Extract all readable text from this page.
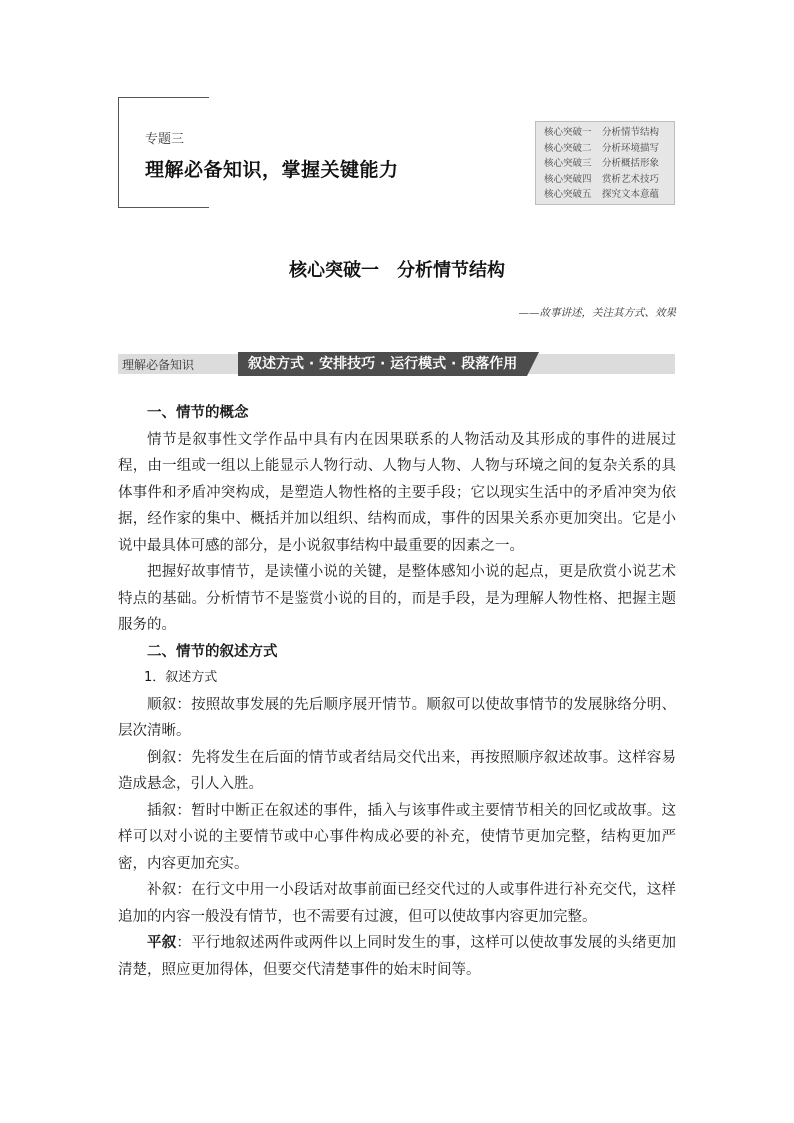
专题三
理解必备知识，掌握关键能力
核心突破一 分析情节结构
核心突破二 分析环境描写
核心突破三 分析概括形象
核心突破四 赏析艺术技巧
核心突破五 探究文本意蕴
核心突破一 分析情节结构
——故事讲述，关注其方式、效果
理解必备知识	叙述方式 · 安排技巧 · 运行模式 · 段落作用

一、情节的概念

情节是叙事性文学作品中具有内在因果联系的人物活动及其形成的事件的进展过程，由一组或一组以上能显示人物行动、人物与人物、人物与环境之间的复杂关系的具体事件和矛盾冲突构成，是塑造人物性格的主要手段；它以现实生活中的矛盾冲突为依据，经作家的集中、概括并加以组织、结构而成，事件的因果关系亦更加突出。它是小说中最具体可感的部分，是小说叙事结构中最重要的因素之一。

把握好故事情节，是读懂小说的关键，是整体感知小说的起点，更是欣赏小说艺术特点的基础。分析情节不是鉴赏小说的目的，而是手段，是为理解人物性格、把握主题服务的。

二、情节的叙述方式

1．叙述方式

顺叙：按照故事发展的先后顺序展开情节。顺叙可以使故事情节的发展脉络分明、层次清晰。

倒叙：先将发生在后面的情节或者结局交代出来，再按照顺序叙述故事。这样容易造成悬念，引人入胜。

插叙：暂时中断正在叙述的事件，插入与该事件或主要情节相关的回忆或故事。这样可以对小说的主要情节或中心事件构成必要的补充，使情节更加完整，结构更加严密，内容更加充实。

补叙：在行文中用一小段话对故事前面已经交代过的人或事件进行补充交代，这样追加的内容一般没有情节，也不需要有过渡，但可以使故事内容更加完整。

平叙：平行地叙述两件或两件以上同时发生的事，这样可以使故事发展的头绪更加清楚，照应更加得体，但要交代清楚事件的始末时间等。
